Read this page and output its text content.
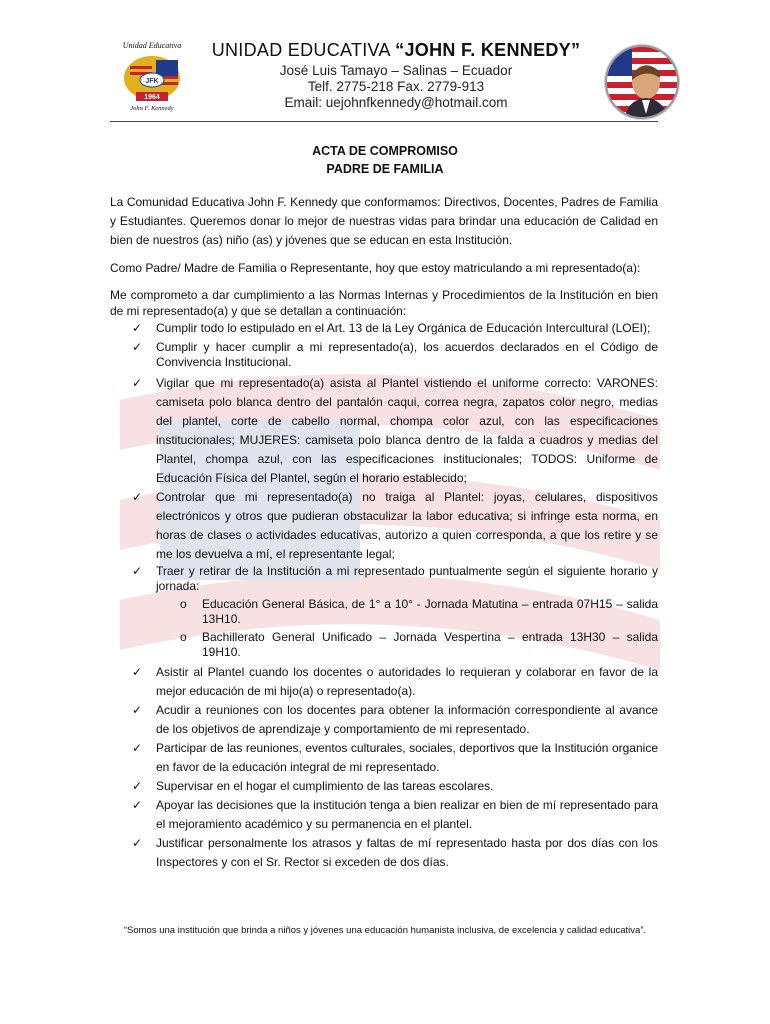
Unidad Educativa
JFK
1964
John F. Kennedy
UNIDAD EDUCATIVA “JOHN F. KENNEDY”
José Luis Tamayo – Salinas – Ecuador
Telf. 2775-218 Fax. 2779-913
Email: uejohnfkennedy@hotmail.com
ACTA DE COMPROMISO
PADRE DE FAMILIA

La Comunidad Educativa John F. Kennedy que conformamos: Directivos, Docentes, Padres de Familia y Estudiantes. Queremos donar lo mejor de nuestras vidas para brindar una educación de Calidad en bien de nuestros (as) niño (as) y jóvenes que se educan en esta Institución.

Como Padre/ Madre de Familia o Representante, hoy que estoy matriculando a mi representado(a):

Me comprometo a dar cumplimiento a las Normas Internas y Procedimientos de la Institución en bien de mi representado(a) y que se detallan a continuación:

✓ Cumplir todo lo estipulado en el Art. 13 de la Ley Orgánica de Educación Intercultural (LOEI);
✓ Cumplir y hacer cumplir a mi representado(a), los acuerdos declarados en el Código de Convivencia Institucional.
✓ Vigilar que mi representado(a) asista al Plantel vistiendo el uniforme correcto: VARONES: camiseta polo blanca dentro del pantalón caqui, correa negra, zapatos color negro, medias del plantel, corte de cabello normal, chompa color azul, con las especificaciones institucionales; MUJERES: camiseta polo blanca dentro de la falda a cuadros y medias del Plantel, chompa azul, con las especificaciones institucionales; TODOS: Uniforme de Educación Física del Plantel, según el horario establecido;
✓ Controlar que mi representado(a) no traiga al Plantel: joyas, celulares, dispositivos electrónicos y otros que pudieran obstaculizar la labor educativa; si infringe esta norma, en horas de clases o actividades educativas, autorizo a quien corresponda, a que los retire y se me los devuelva a mí, el representante legal;
✓ Traer y retirar de la Institución a mi representado puntualmente según el siguiente horario y jornada:
o Educación General Básica, de 1° a 10° - Jornada Matutina – entrada 07H15 – salida 13H10.
o Bachillerato General Unificado – Jornada Vespertina – entrada 13H30 – salida 19H10.
✓ Asistir al Plantel cuando los docentes o autoridades lo requieran y colaborar en favor de la mejor educación de mi hijo(a) o representado(a).
✓ Acudir a reuniones con los docentes para obtener la información correspondiente al avance de los objetivos de aprendizaje y comportamiento de mi representado.
✓ Participar de las reuniones, eventos culturales, sociales, deportivos que la Institución organice en favor de la educación integral de mi representado.
✓ Supervisar en el hogar el cumplimiento de las tareas escolares.
✓ Apoyar las decisiones que la institución tenga a bien realizar en bien de mí representado para el mejoramiento académico y su permanencia en el plantel.
✓ Justificar personalmente los atrasos y faltas de mí representado hasta por dos días con los Inspectores y con el Sr. Rector si exceden de dos días.
“Somos una institución que brinda a niños y jóvenes una educación humanista inclusiva, de excelencia y calidad educativa”.
